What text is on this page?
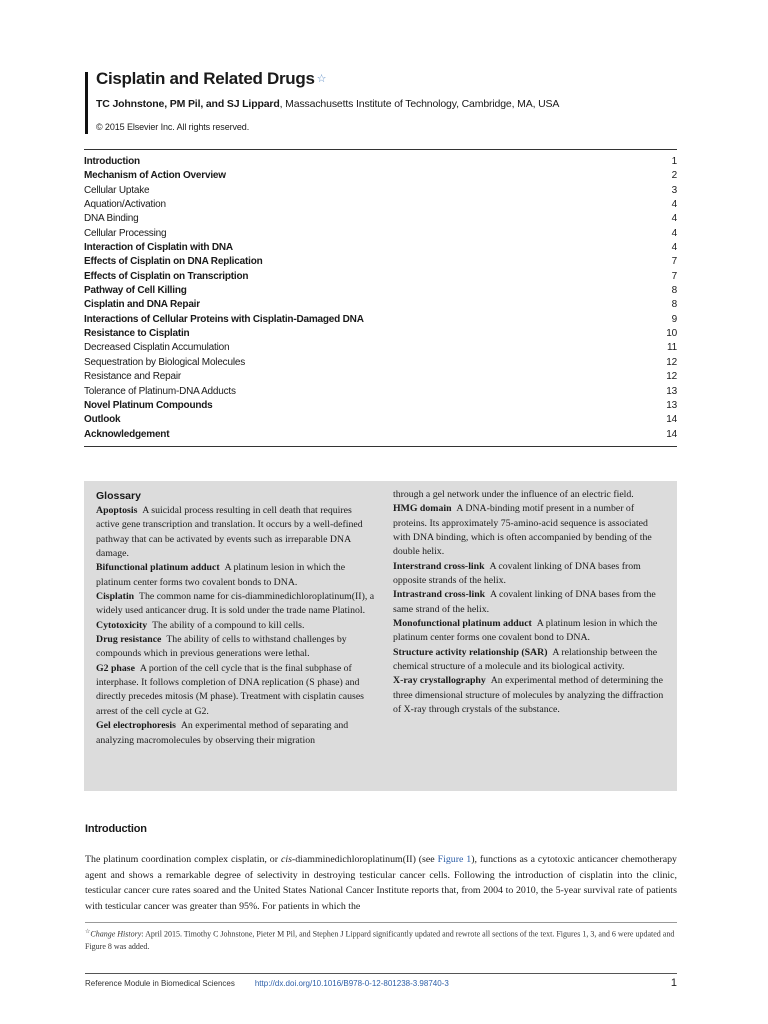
Cisplatin and Related Drugs ☆
TC Johnstone, PM Pil, and SJ Lippard, Massachusetts Institute of Technology, Cambridge, MA, USA
© 2015 Elsevier Inc. All rights reserved.
Introduction	1
Mechanism of Action Overview	2
Cellular Uptake	3
Aquation/Activation	4
DNA Binding	4
Cellular Processing	4
Interaction of Cisplatin with DNA	4
Effects of Cisplatin on DNA Replication	7
Effects of Cisplatin on Transcription	7
Pathway of Cell Killing	8
Cisplatin and DNA Repair	8
Interactions of Cellular Proteins with Cisplatin-Damaged DNA	9
Resistance to Cisplatin	10
Decreased Cisplatin Accumulation	11
Sequestration by Biological Molecules	12
Resistance and Repair	12
Tolerance of Platinum-DNA Adducts	13
Novel Platinum Compounds	13
Outlook	14
Acknowledgement	14
Glossary
Apoptosis  A suicidal process resulting in cell death that requires active gene transcription and translation. It occurs by a well-defined pathway that can be activated by events such as irreparable DNA damage.
Bifunctional platinum adduct  A platinum lesion in which the platinum center forms two covalent bonds to DNA.
Cisplatin  The common name for cis-diamminedichloroplatinum(II), a widely used anticancer drug. It is sold under the trade name Platinol.
Cytotoxicity  The ability of a compound to kill cells.
Drug resistance  The ability of cells to withstand challenges by compounds which in previous generations were lethal.
G2 phase  A portion of the cell cycle that is the final subphase of interphase. It follows completion of DNA replication (S phase) and directly precedes mitosis (M phase). Treatment with cisplatin causes arrest of the cell cycle at G2.
Gel electrophoresis  An experimental method of separating and analyzing macromolecules by observing their migration
through a gel network under the influence of an electric field.
HMG domain  A DNA-binding motif present in a number of proteins. Its approximately 75-amino-acid sequence is associated with DNA binding, which is often accompanied by bending of the double helix.
Interstrand cross-link  A covalent linking of DNA bases from opposite strands of the helix.
Intrastrand cross-link  A covalent linking of DNA bases from the same strand of the helix.
Monofunctional platinum adduct  A platinum lesion in which the platinum center forms one covalent bond to DNA.
Structure activity relationship (SAR)  A relationship between the chemical structure of a molecule and its biological activity.
X-ray crystallography  An experimental method of determining the three dimensional structure of molecules by analyzing the diffraction of X-ray through crystals of the substance.
Introduction
The platinum coordination complex cisplatin, or cis-diamminedichloroplatinum(II) (see Figure 1), functions as a cytotoxic anticancer chemotherapy agent and shows a remarkable degree of selectivity in destroying testicular cancer cells. Following the introduction of cisplatin into the clinic, testicular cancer cure rates soared and the United States National Cancer Institute reports that, from 2004 to 2010, the 5-year survival rate of patients with testicular cancer was greater than 95%. For patients in which the
☆Change History: April 2015. Timothy C Johnstone, Pieter M Pil, and Stephen J Lippard significantly updated and rewrote all sections of the text. Figures 1, 3, and 6 were updated and Figure 8 was added.
Reference Module in Biomedical Sciences	http://dx.doi.org/10.1016/B978-0-12-801238-3.98740-3	1
